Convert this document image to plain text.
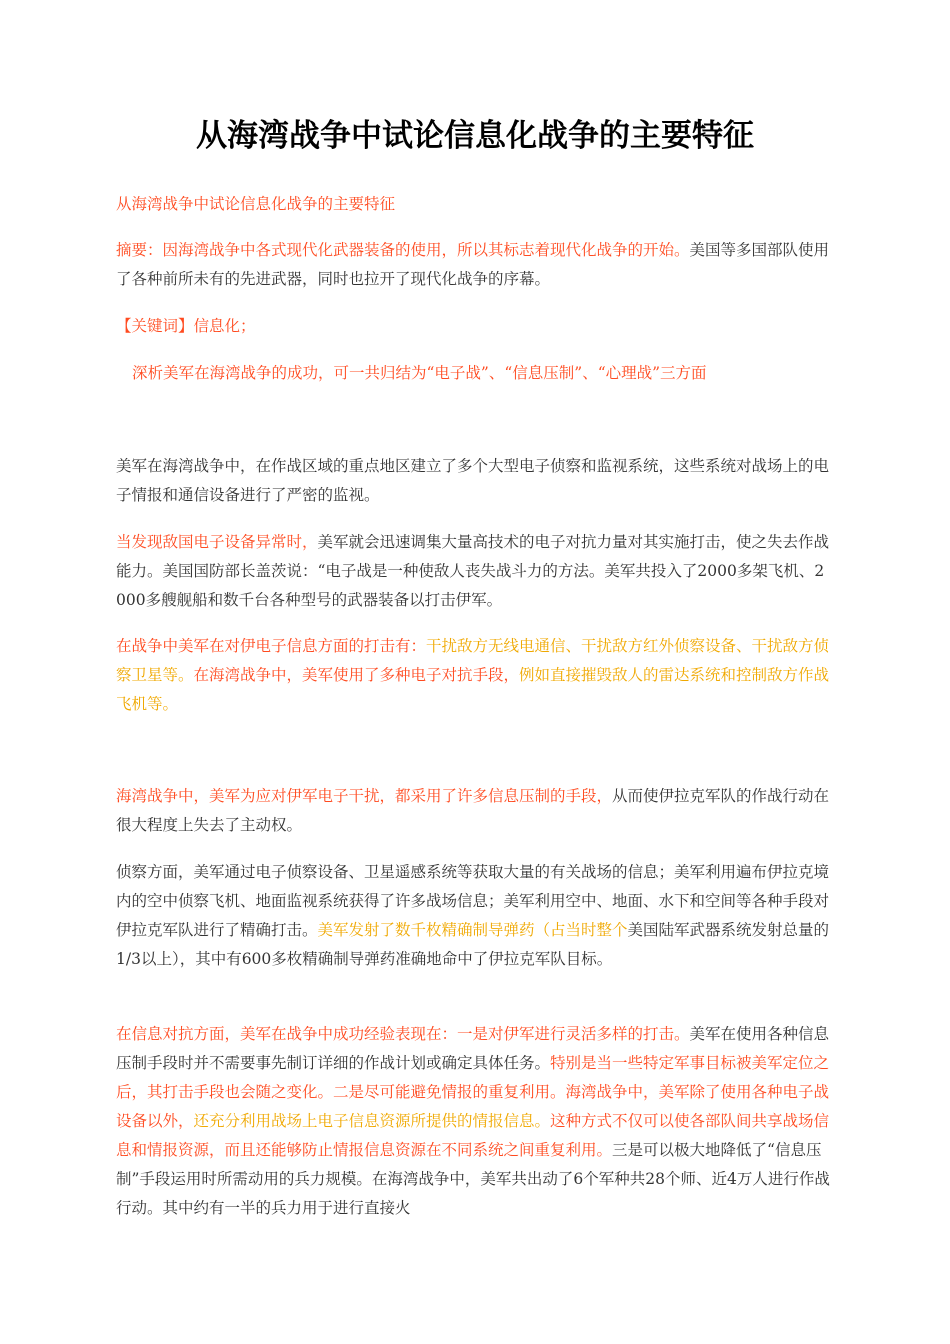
从海湾战争中试论信息化战争的主要特征

从海湾战争中试论信息化战争的主要特征

摘要：因海湾战争中各式现代化武器装备的使用，所以其标志着现代化战争的开始。美国等多国部队使用了各种前所未有的先进武器，同时也拉开了现代化战争的序幕。

【关键词】信息化；

深析美军在海湾战争的成功，可一共归结为“电子战”、“信息压制”、“心理战”三方面

美军在海湾战争中，在作战区域的重点地区建立了多个大型电子侦察和监视系统，这些系统对战场上的电子情报和通信设备进行了严密的监视。

当发现敌国电子设备异常时，美军就会迅速调集大量高技术的电子对抗力量对其实施打击，使之失去作战能力。美国国防部长盖茨说：“电子战是一种使敌人丧失战斗力的方法。美军共投入了2000多架飞机、2000多艘舰船和数千台各种型号的武器装备以打击伊军。

在战争中美军在对伊电子信息方面的打击有：干扰敌方无线电通信、干扰敌方红外侦察设备、干扰敌方侦察卫星等。在海湾战争中，美军使用了多种电子对抗手段，例如直接摧毁敌人的雷达系统和控制敌方作战飞机等。

海湾战争中，美军为应对伊军电子干扰，都采用了许多信息压制的手段，从而使伊拉克军队的作战行动在很大程度上失去了主动权。

侦察方面，美军通过电子侦察设备、卫星遥感系统等获取大量的有关战场的信息；美军利用遍布伊拉克境内的空中侦察飞机、地面监视系统获得了许多战场信息；美军利用空中、地面、水下和空间等各种手段对伊拉克军队进行了精确打击。美军发射了数千枚精确制导弹药（占当时整个美国陆军武器系统发射总量的1/3以上），其中有600多枚精确制导弹药准确地命中了伊拉克军队目标。

在信息对抗方面，美军在战争中成功经验表现在：一是对伊军进行灵活多样的打击。美军在使用各种信息压制手段时并不需要事先制订详细的作战计划或确定具体任务。特别是当一些特定军事目标被美军定位之后，其打击手段也会随之变化。二是尽可能避免情报的重复利用。海湾战争中，美军除了使用各种电子战设备以外，还充分利用战场上电子信息资源所提供的情报信息。这种方式不仅可以使各部队间共享战场信息和情报资源，而且还能够防止情报信息资源在不同系统之间重复利用。三是可以极大地降低了“信息压制”手段运用时所需动用的兵力规模。在海湾战争中，美军共出动了6个军种共28个师、近4万人进行作战行动。其中约有一半的兵力用于进行直接火
